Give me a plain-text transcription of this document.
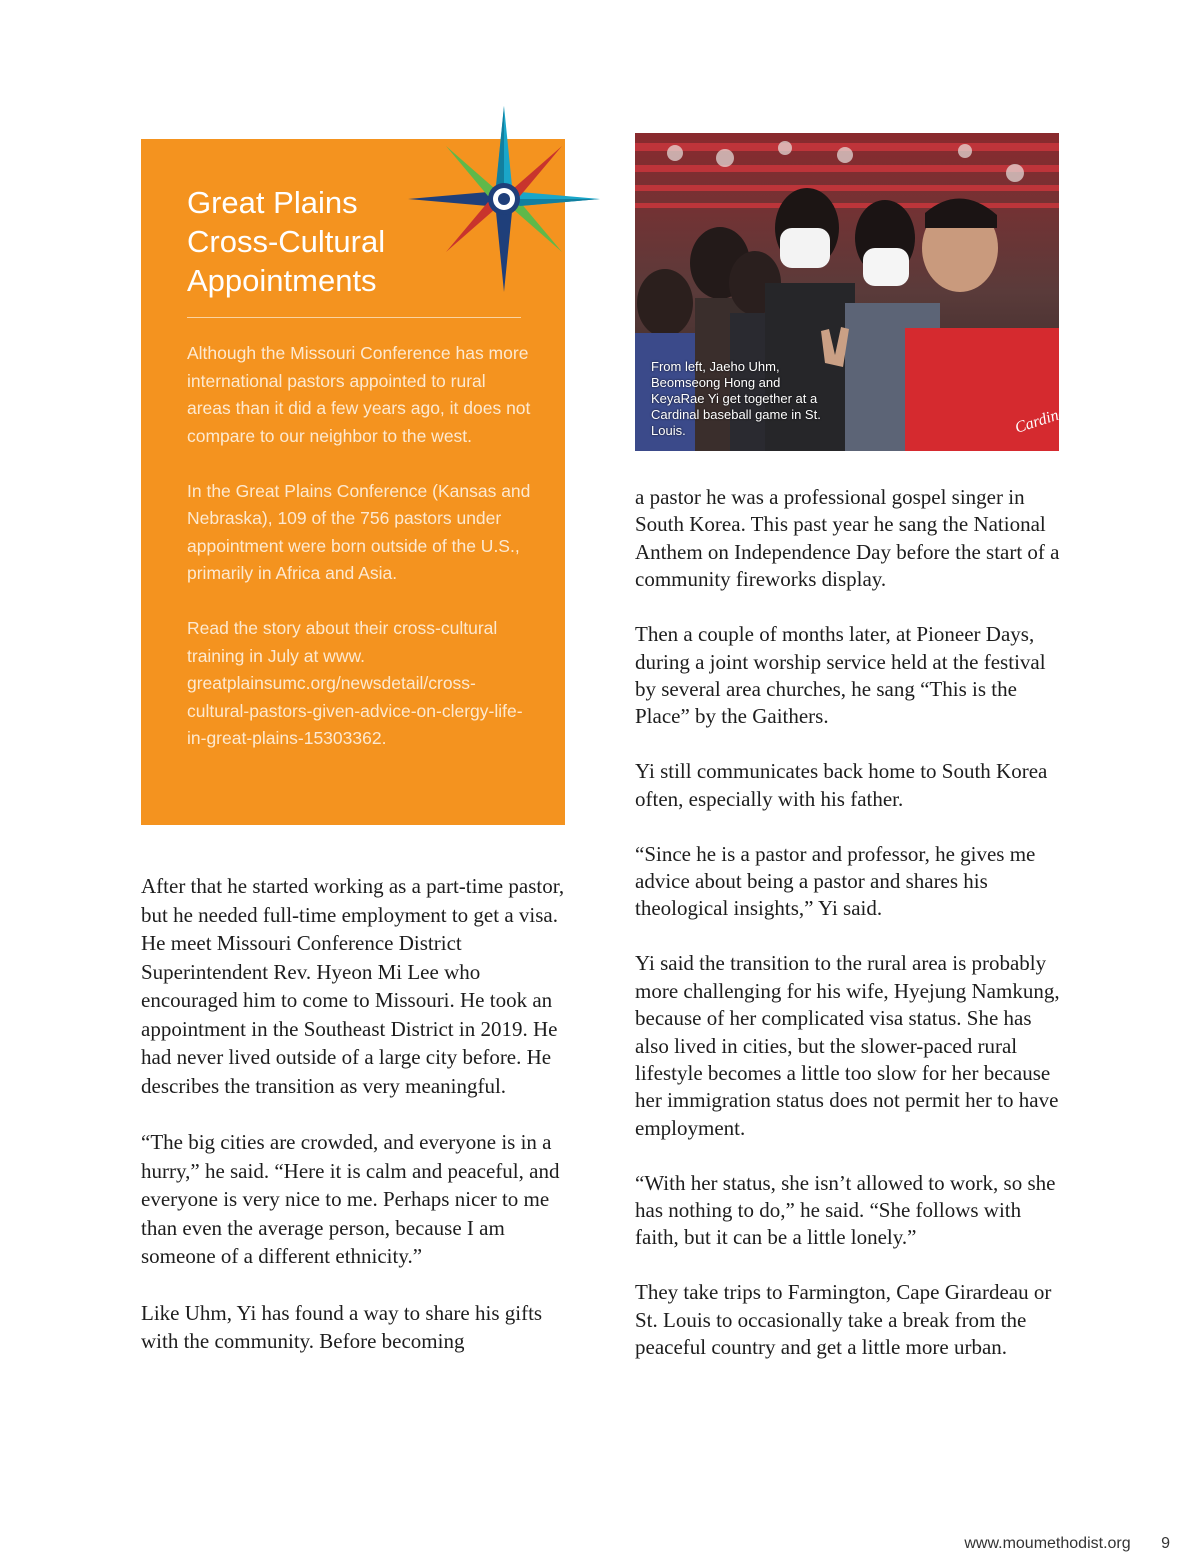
Great Plains
Cross-Cultural
Appointments

Although the Missouri Conference has more international pastors appointed to rural areas than it did a few years ago, it does not compare to our neighbor to the west.

In the Great Plains Conference (Kansas and Nebraska), 109 of the 756 pastors under appointment were born outside of the U.S., primarily in Africa and Asia.

Read the story about their cross-cultural training in July at www. greatplainsumc.org/newsdetail/cross-cultural-pastors-given-advice-on-clergy-life-in-great-plains-15303362.

Cardinals
From left, Jaeho Uhm, Beomseong Hong and KeyaRae Yi get together at a Cardinal baseball game in St. Louis.

After that he started working as a part-time pastor, but he needed full-time employment to get a visa. He meet Missouri Conference District Superintendent Rev. Hyeon Mi Lee who encouraged him to come to Missouri. He took an appointment in the Southeast District in 2019. He had never lived outside of a large city before. He describes the transition as very meaningful.

“The big cities are crowded, and everyone is in a hurry,” he said. “Here it is calm and peaceful, and everyone is very nice to me. Perhaps nicer to me than even the average person, because I am someone of a different ethnicity.”

Like Uhm, Yi has found a way to share his gifts with the community. Before becoming

a pastor he was a professional gospel singer in South Korea. This past year he sang the National Anthem on Independence Day before the start of a community fireworks display.

Then a couple of months later, at Pioneer Days, during a joint worship service held at the festival by several area churches, he sang “This is the Place” by the Gaithers.

Yi still communicates back home to South Korea often, especially with his father.

“Since he is a pastor and professor, he gives me advice about being a pastor and shares his theological insights,” Yi said.

Yi said the transition to the rural area is probably more challenging for his wife, Hyejung Namkung, because of her complicated visa status. She has also lived in cities, but the slower-paced rural lifestyle becomes a little too slow for her because her immigration status does not permit her to have employment.

“With her status, she isn’t allowed to work, so she has nothing to do,” he said. “She follows with faith, but it can be a little lonely.”

They take trips to Farmington, Cape Girardeau or St. Louis to occasionally take a break from the peaceful country and get a little more urban.

www.moumethodist.org 9
